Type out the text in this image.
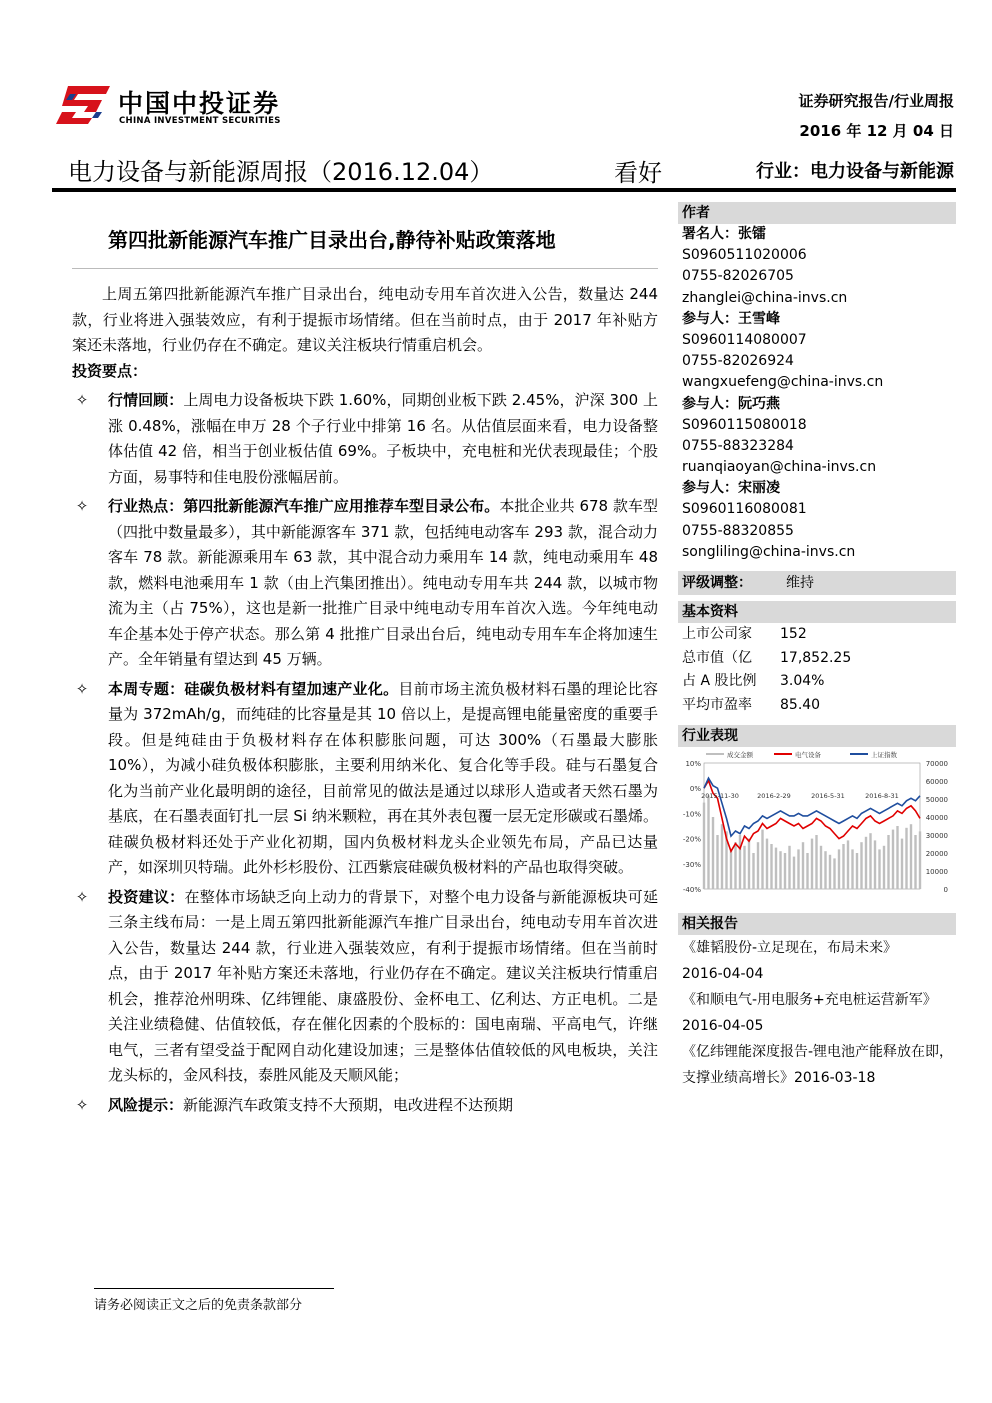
中国中投证券
CHINA INVESTMENT SECURITIES
证券研究报告/行业周报
2016 年 12 月 04 日
电力设备与新能源周报（2016.12.04）	看好	行业：电力设备与新能源
第四批新能源汽车推广目录出台,静待补贴政策落地

上周五第四批新能源汽车推广目录出台，纯电动专用车首次进入公告，数量达 244 款，行业将进入强装效应，有利于提振市场情绪。但在当前时点，由于 2017 年补贴方案还未落地，行业仍存在不确定。建议关注板块行情重启机会。

投资要点：

✧ 行情回顾：上周电力设备板块下跌 1.60%，同期创业板下跌 2.45%，沪深 300 上涨 0.48%，涨幅在申万 28 个子行业中排第 16 名。从估值层面来看，电力设备整体估值 42 倍，相当于创业板估值 69%。子板块中，充电桩和光伏表现最佳；个股方面，易事特和佳电股份涨幅居前。
✧ 行业热点：第四批新能源汽车推广应用推荐车型目录公布。本批企业共 678 款车型（四批中数量最多），其中新能源客车 371 款，包括纯电动客车 293 款，混合动力客车 78 款。新能源乘用车 63 款，其中混合动力乘用车 14 款，纯电动乘用车 48 款，燃料电池乘用车 1 款（由上汽集团推出）。纯电动专用车共 244 款，以城市物流为主（占 75%），这也是新一批推广目录中纯电动专用车首次入选。今年纯电动车企基本处于停产状态。那么第 4 批推广目录出台后，纯电动专用车车企将加速生产。全年销量有望达到 45 万辆。
✧ 本周专题：硅碳负极材料有望加速产业化。目前市场主流负极材料石墨的理论比容量为 372mAh/g，而纯硅的比容量是其 10 倍以上，是提高锂电能量密度的重要手段。但是纯硅由于负极材料存在体积膨胀问题，可达 300%（石墨最大膨胀 10%），为减小硅负极体积膨胀，主要利用纳米化、复合化等手段。硅与石墨复合化为当前产业化最明朗的途径，目前常见的做法是通过以球形人造或者天然石墨为基底，在石墨表面钉扎一层 Si 纳米颗粒，再在其外表包覆一层无定形碳或石墨烯。硅碳负极材料还处于产业化初期，国内负极材料龙头企业领先布局，产品已达量产，如深圳贝特瑞。此外杉杉股份、江西紫宸硅碳负极材料的产品也取得突破。
✧ 投资建议：在整体市场缺乏向上动力的背景下，对整个电力设备与新能源板块可延三条主线布局：一是上周五第四批新能源汽车推广目录出台，纯电动专用车首次进入公告，数量达 244 款，行业进入强装效应，有利于提振市场情绪。但在当前时点，由于 2017 年补贴方案还未落地，行业仍存在不确定。建议关注板块行情重启机会，推荐沧州明珠、亿纬锂能、康盛股份、金杯电工、亿利达、方正电机。二是关注业绩稳健、估值较低，存在催化因素的个股标的：国电南瑞、平高电气，许继电气，三者有望受益于配网自动化建设加速；三是整体估值较低的风电板块，关注龙头标的，金风科技，泰胜风能及天顺风能；
✧ 风险提示：新能源汽车政策支持不大预期，电改进程不达预期
作者
署名人：张镭
S0960511020006
0755-82026705
zhanglei@china-invs.cn
参与人：王雪峰
S0960114080007
0755-82026924
wangxuefeng@china-invs.cn
参与人：阮巧燕
S0960115080018
0755-88323284
ruanqiaoyan@china-invs.cn
参与人：宋丽凌
S0960116080081
0755-88320855
songliling@china-invs.cn
评级调整：	维持
基本资料
上市公司家	152
总市值（亿	17,852.25
占 A 股比例	3.04%
平均市盈率	85.40
行业表现
10%
0%
-10%
-20%
-30%
-40%
70000
60000
50000
40000
30000
20000
10000
0
2015-11-30	2016-2-29	2016-5-31	2016-8-31
成交金额	电气设备	上证指数
相关报告
《雄韬股份-立足现在，布局未来》
2016-04-04
《和顺电气-用电服务+充电桩运营新军》
2016-04-05
《亿纬锂能深度报告-锂电池产能释放在即，支撑业绩高增长》2016-03-18
请务必阅读正文之后的免责条款部分
